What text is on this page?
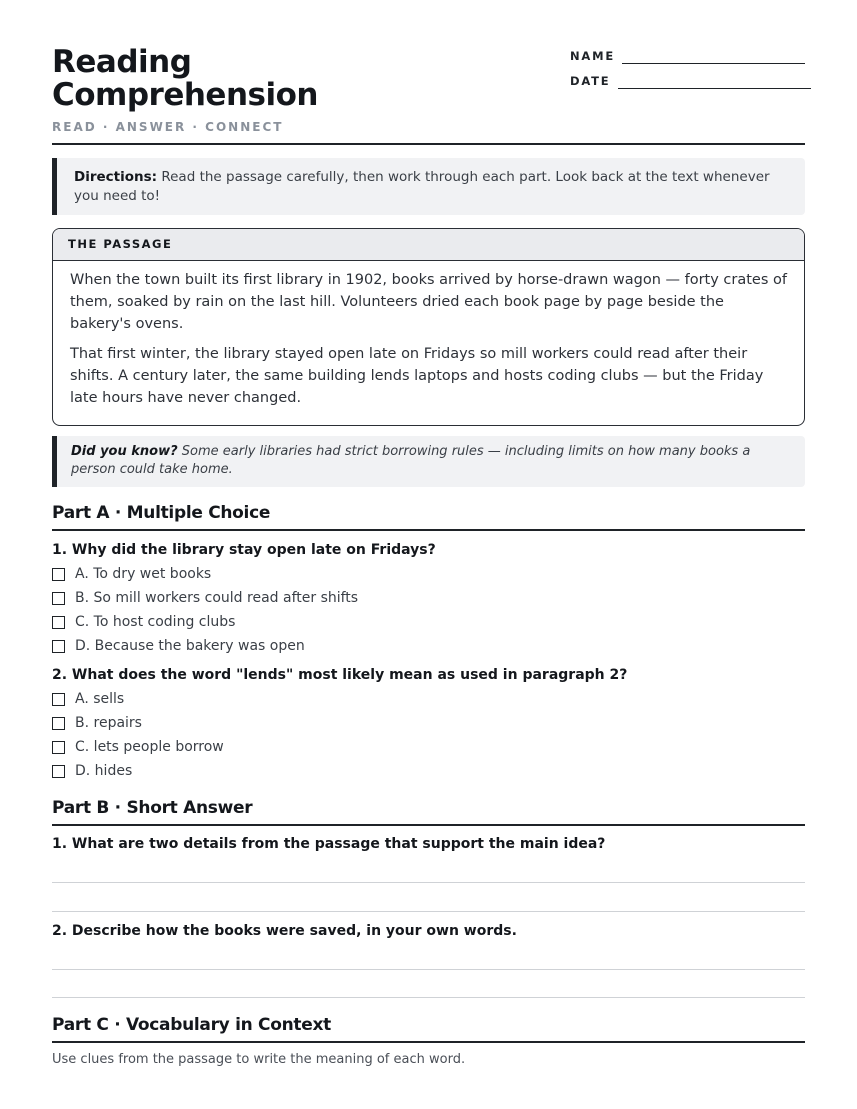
Reading
Comprehension
READ · ANSWER · CONNECT
NAME
DATE
Directions: Read the passage carefully, then work through each part. Look back at the text whenever you need to!
THE PASSAGE

When the town built its first library in 1902, books arrived by horse-drawn wagon — forty crates of them, soaked by rain on the last hill. Volunteers dried each book page by page beside the bakery's ovens.

That first winter, the library stayed open late on Fridays so mill workers could read after their shifts. A century later, the same building lends laptops and hosts coding clubs — but the Friday late hours have never changed.

Did you know? Some early libraries had strict borrowing rules — including limits on how many books a person could take home.
Part A · Multiple Choice
1. Why did the library stay open late on Fridays?
A. To dry wet books
B. So mill workers could read after shifts
C. To host coding clubs
D. Because the bakery was open
2. What does the word "lends" most likely mean as used in paragraph 2?
A. sells
B. repairs
C. lets people borrow
D. hides
Part B · Short Answer
1. What are two details from the passage that support the main idea?
2. Describe how the books were saved, in your own words.
Part C · Vocabulary in Context
Use clues from the passage to write the meaning of each word.
